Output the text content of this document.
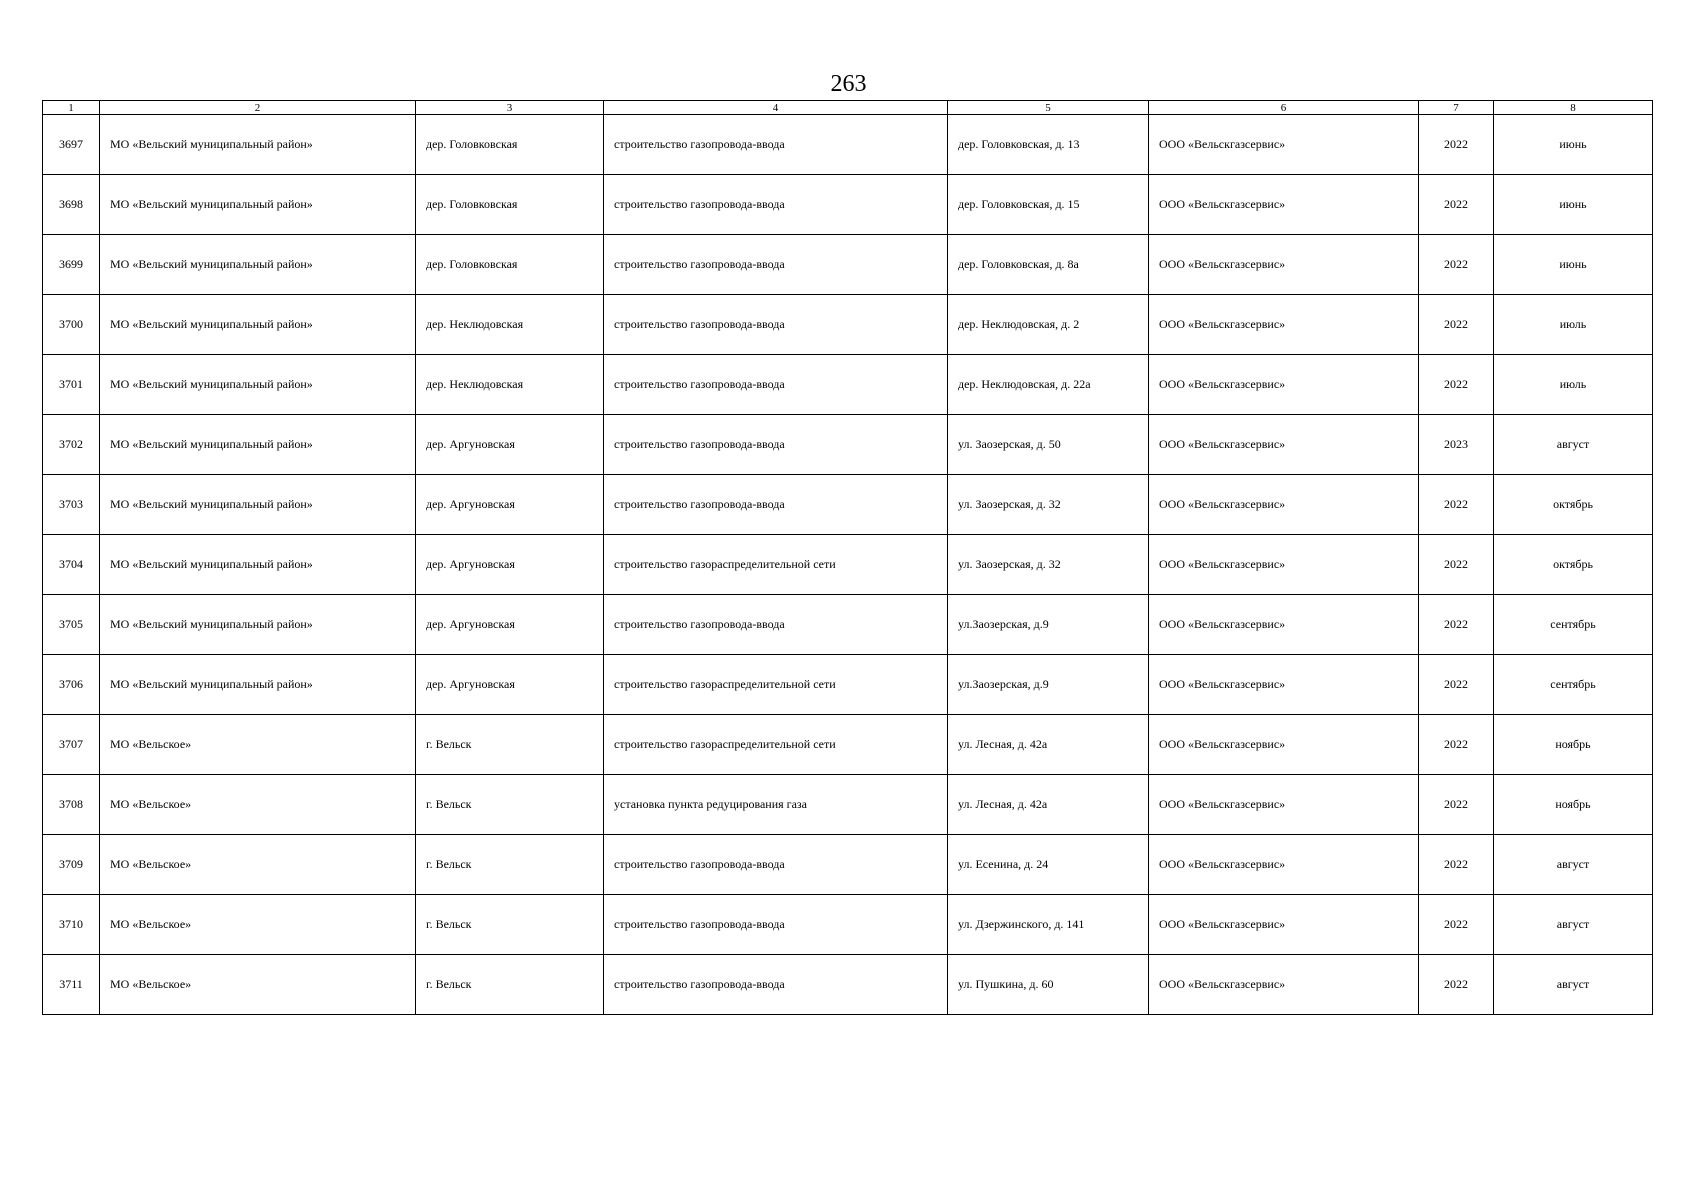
263
1	2	3	4	5	6	7	8
3697	МО «Вельский муниципальный район»	дер. Головковская	строительство газопровода-ввода	дер. Головковская, д. 13	ООО «Вельскгазсервис»	2022	июнь
3698	МО «Вельский муниципальный район»	дер. Головковская	строительство газопровода-ввода	дер. Головковская, д. 15	ООО «Вельскгазсервис»	2022	июнь
3699	МО «Вельский муниципальный район»	дер. Головковская	строительство газопровода-ввода	дер. Головковская, д. 8а	ООО «Вельскгазсервис»	2022	июнь
3700	МО «Вельский муниципальный район»	дер. Неклюдовская	строительство газопровода-ввода	дер. Неклюдовская, д. 2	ООО «Вельскгазсервис»	2022	июль
3701	МО «Вельский муниципальный район»	дер. Неклюдовская	строительство газопровода-ввода	дер. Неклюдовская, д. 22а	ООО «Вельскгазсервис»	2022	июль
3702	МО «Вельский муниципальный район»	дер. Аргуновская	строительство газопровода-ввода	ул. Заозерская, д. 50	ООО «Вельскгазсервис»	2023	август
3703	МО «Вельский муниципальный район»	дер. Аргуновская	строительство газопровода-ввода	ул. Заозерская, д. 32	ООО «Вельскгазсервис»	2022	октябрь
3704	МО «Вельский муниципальный район»	дер. Аргуновская	строительство газораспределительной сети	ул. Заозерская, д. 32	ООО «Вельскгазсервис»	2022	октябрь
3705	МО «Вельский муниципальный район»	дер. Аргуновская	строительство газопровода-ввода	ул.Заозерская, д.9	ООО «Вельскгазсервис»	2022	сентябрь
3706	МО «Вельский муниципальный район»	дер. Аргуновская	строительство газораспределительной сети	ул.Заозерская, д.9	ООО «Вельскгазсервис»	2022	сентябрь
3707	МО «Вельское»	г. Вельск	строительство газораспределительной сети	ул. Лесная, д. 42а	ООО «Вельскгазсервис»	2022	ноябрь
3708	МО «Вельское»	г. Вельск	установка пункта редуцирования газа	ул. Лесная, д. 42а	ООО «Вельскгазсервис»	2022	ноябрь
3709	МО «Вельское»	г. Вельск	строительство газопровода-ввода	ул. Есенина, д. 24	ООО «Вельскгазсервис»	2022	август
3710	МО «Вельское»	г. Вельск	строительство газопровода-ввода	ул. Дзержинского, д. 141	ООО «Вельскгазсервис»	2022	август
3711	МО «Вельское»	г. Вельск	строительство газопровода-ввода	ул. Пушкина, д. 60	ООО «Вельскгазсервис»	2022	август
